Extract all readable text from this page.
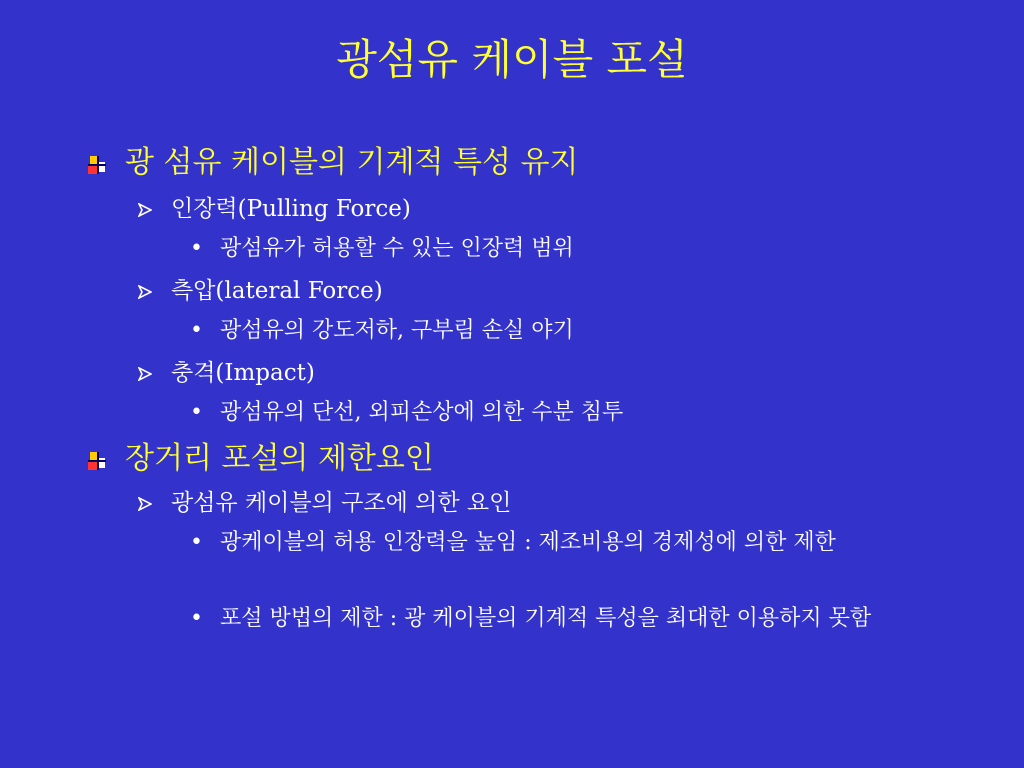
광섬유 케이블 포설
광 섬유 케이블의 기계적 특성 유지
인장력(Pulling Force)
• 광섬유가 허용할 수 있는 인장력 범위
측압(lateral Force)
• 광섬유의 강도저하, 구부림 손실 야기
충격(Impact)
• 광섬유의 단선, 외피손상에 의한 수분 침투
장거리 포설의 제한요인
광섬유 케이블의 구조에 의한 요인
• 광케이블의 허용 인장력을 높임 : 제조비용의 경제성에 의한 제한
• 포설 방법의 제한 : 광 케이블의 기계적 특성을 최대한 이용하지 못함
